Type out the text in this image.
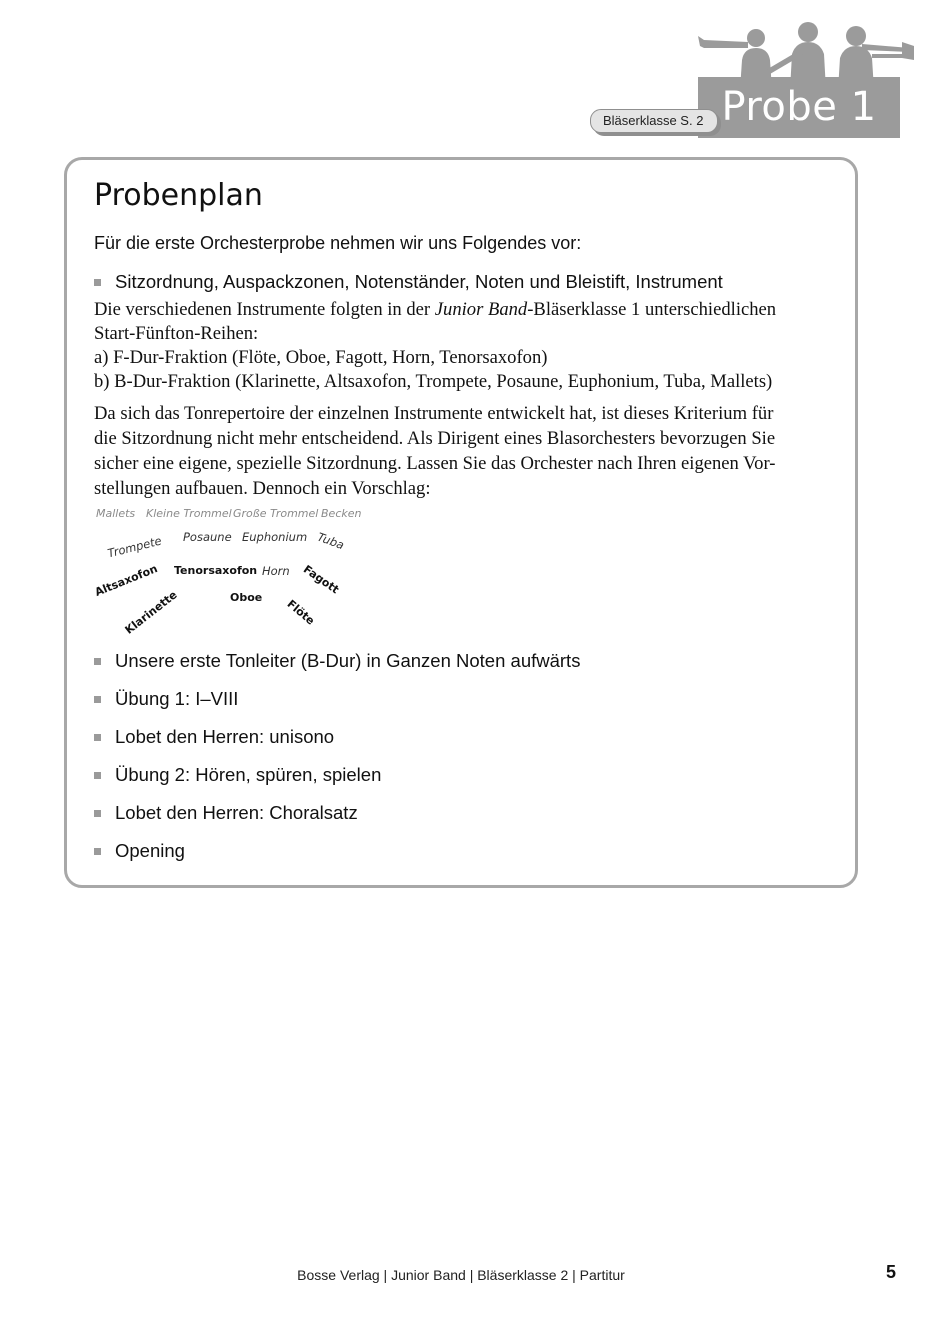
Probe 1
Bläserklasse S. 2
Probenplan
Für die erste Orchesterprobe nehmen wir uns Folgendes vor:
Sitzordnung, Auspackzonen, Notenständer, Noten und Bleistift, Instrument

Die verschiedenen Instrumente folgten in der Junior Band-Bläserklasse 1 unterschiedlichen

Start-Fünfton-Reihen:

a) F-Dur-Fraktion (Flöte, Oboe, Fagott, Horn, Tenorsaxofon)

b) B-Dur-Fraktion (Klarinette, Altsaxofon, Trompete, Posaune, Euphonium, Tuba, Mallets)

Da sich das Tonrepertoire der einzelnen Instrumente entwickelt hat, ist dieses Kriterium für

die Sitzordnung nicht mehr entscheidend. Als Dirigent eines Blasorchesters bevorzugen Sie

sicher eine eigene, spezielle Sitzordnung. Lassen Sie das Orchester nach Ihren eigenen Vor-

stellungen aufbauen. Dennoch ein Vorschlag:

Mallets Kleine Trommel Große Trommel Becken
Trompete Posaune Euphonium Tuba
Altsaxofon Tenorsaxofon Horn Fagott
Klarinette	Oboe Flöte
Unsere erste Tonleiter (B-Dur) in Ganzen Noten aufwärts
Übung 1: I–VIII
Lobet den Herren: unisono
Übung 2: Hören, spüren, spielen
Lobet den Herren: Choralsatz
Opening
Bosse Verlag | Junior Band | Bläserklasse 2 | Partitur	5
